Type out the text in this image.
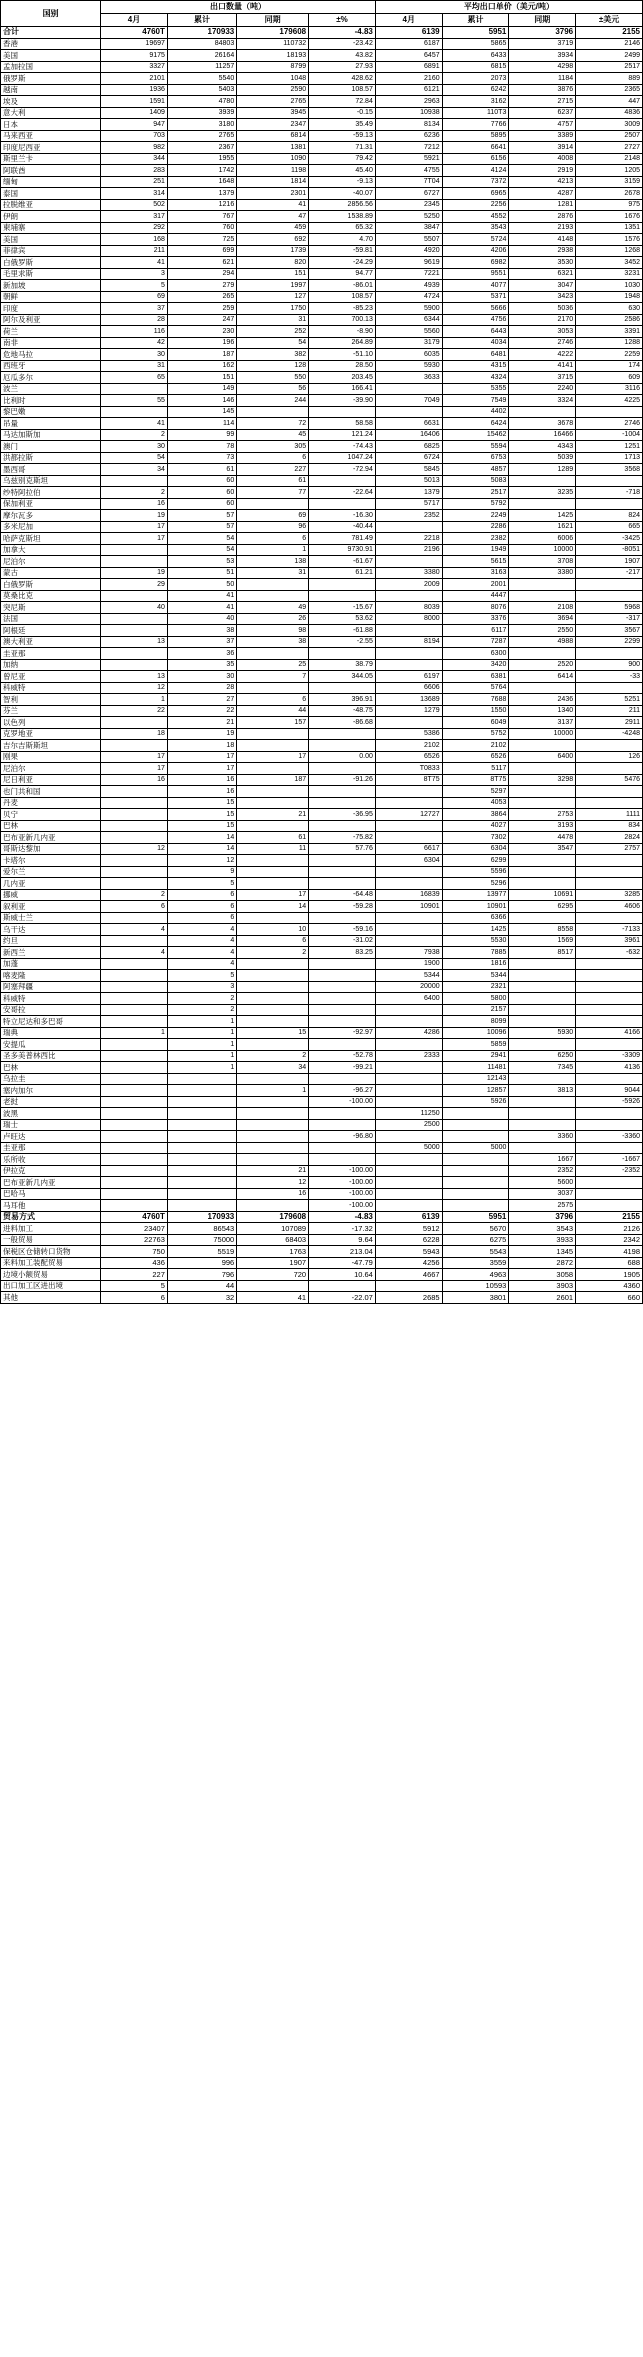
国别	出口数量（吨）				平均出口单价（美元/吨）			
	4月	累计	同期	±%	4月	累计	同期	±美元
合计	4760T	170933	179608	-4.83	6139	5951	3796	2155
香港	19697	84803	110732	-23.42	6187	5865	3719	2146
美国	9175	26164	18193	43.82	6457	6433	3934	2499
孟加拉国	3327	11257	8799	27.93	6891	6815	4298	2517
俄罗斯	2101	5540	1048	428.62	2160	2073	1184	889
越南	1936	5403	2590	108.57	6121	6242	3876	2365
埃及	1591	4780	2765	72.84	2963	3162	2715	447
意大利	1409	3939	3945	-0.15	10938	110T3	6237	4836
日本	947	3180	2347	35.49	8134	7766	4757	3009
马来西亚	703	2765	6814	-59.13	6236	5895	3389	2507
印度尼西亚	982	2367	1381	71.31	7212	6641	3914	2727
斯里兰卡	344	1955	1090	79.42	5921	6156	4008	2148
阿联酋	283	1742	1198	45.40	4755	4124	2919	1205
缅甸	251	1648	1814	-9.13	7T04	7372	4213	3159
泰国	314	1379	2301	-40.07	6727	6965	4287	2678
拉脱维亚	502	1216	41	2856.56	2345	2256	1281	975
伊朗	317	767	47	1538.89	5250	4552	2876	1676
柬埔寨	292	760	459	65.32	3847	3543	2193	1351
美国	168	725	692	4.70	5507	5724	4148	1576
菲律宾	211	699	1739	-59.81	4920	4206	2938	1268
白俄罗斯	41	621	820	-24.29	9619	6982	3530	3452
毛里求斯	3	294	151	94.77	7221	9551	6321	3231
新加坡	5	279	1997	-86.01	4939	4077	3047	1030
朝鲜	69	265	127	108.57	4724	5371	3423	1948
印度	37	259	1750	-85.23	5900	5666	5036	630
阿尔及利亚	28	247	31	700.13	6344	4756	2170	2586
荷兰	116	230	252	-8.90	5560	6443	3053	3391
南非	42	196	54	264.89	3179	4034	2746	1288
危地马拉	30	187	382	-51.10	6035	6481	4222	2259
西班牙	31	162	128	28.50	5930	4315	4141	174
厄瓜多尔	65	151	550	203.45	3633	4324	3715	609
波兰		149	56	166.41		5355	2240	3116
比利时	55	146	244	-39.90	7049	7549	3324	4225
黎巴嫩		145				4402		
吊量	41	114	72	58.58	6631	6424	3678	2746
马达加斯加	2	99	45	121.24	16406	15462	16466	-1004
澳门	30	78	305	-74.43	6825	5594	4343	1251
洪都拉斯	54	73	6	1047.24	6724	6753	5039	1713
墨西哥	34	61	227	-72.94	5845	4857	1289	3568
乌兹别克斯坦		60	61		5013	5083		
纱特阿拉伯	2	60	77	-22.64	1379	2517	3235	-718
保加利亚	16	60			5717	5792		
摩尔瓦多	19	57	69	-16.30	2352	2249	1425	824
多米尼加	17	57	96	-40.44		2286	1621	665
哈萨克斯坦	17	54	6	781.49	2218	2382	6006	-3425
加拿大		54	1	9730.91	2196	1949	10000	-8051
尼泊尔		53	138	-61.67		5615	3708	1907
蒙古	19	51	31	61.21	3380	3163	3380	-217
白俄罗斯	29	50			2009	2001		
莫桑比克		41				4447		
突尼斯	40	41	49	-15.67	8039	8076	2108	5968
法国		40	26	53.62	8000	3376	3694	-317
阿根廷		38	98	-61.88		6117	2550	3567
澳大利亚	13	37	38	-2.55	8194	7287	4988	2299
圭亚那		36				6300		
加纳		35	25	38.79		3420	2520	900
曾尼亚	13	30	7	344.05	6197	6381	6414	-33
科威特	12	28			6606	5764		
智利	1	27	6	396.91	13689	7688	2436	5251
芬兰	22	22	44	-48.75	1279	1550	1340	211
以色列		21	157	-86.68		6049	3137	2911
克罗地亚	18	19			5386	5752	10000	-4248
吉尔吉斯斯坦		18			2102	2102		
刚果	17	17	17	0.00	6526	6526	6400	126
尼泊尔	17	17			T0833	5117		
尼日利亚	16	16	187	-91.26	8T75	8T75	3298	5476
也门共和国		16				5297		
丹麦		15				4053		
贝宁		15	21	-36.95	12727	3864	2753	1111
巴林		15				4027	3193	834
巴布亚新几内亚		14	61	-75.82		7302	4478	2824
哥斯达黎加	12	14	11	57.76	6617	6304	3547	2757
卡塔尔		12			6304	6299		
爱尔兰		9				5596		
几内亚		5				5296		
挪威	2	6	17	-64.48	16839	13977	10691	3285
叙利亚	6	6	14	-59.28	10901	10901	6295	4606
斯威士兰		6				6366		
乌干达	4	4	10	-59.16		1425	8558	-7133
约旦		4	6	-31.02		5530	1569	3961
新西兰	4	4	2	83.25	7938	7885	8517	-632
加蓬		4			1900	1816		
喀麦隆		5			5344	5344		
阿塞拜疆		3			20000	2321		
科威特		2			6400	5800		
安哥拉		2				2157		
特立尼达和多巴哥		1				8099		
瑞典	1	1	15	-92.97	4286	10096	5930	4166
安提瓜		1				5859		
圣多美普林西比		1	2	-52.78	2333	2941	6250	-3309
巴林		1	34	-99.21		11481	7345	4136
乌拉圭						12143		
塞内加尔			1	-96.27		12857	3813	9044
老挝				-100.00		5926		-5926
波黑					11250			
瑞士					2500			
卢旺达				-96.80			3360	-3360
圭亚那					5000	5000		
乐所收							1667	-1667
伊拉克			21	-100.00			2352	-2352
巴布亚新几内亚			12	-100.00			5600	
巴哈马			16	-100.00			3037	
马耳他				-100.00			2575	
贸易方式	4760T	170933	179608	-4.83	6139	5951	3796	2155
进料加工	23407	86543	107089	-17.32	5912	5670	3543	2126
一般贸易	22763	75000	68403	9.64	6228	6275	3933	2342
保税区仓储转口货物	750	5519	1763	213.04	5943	5543	1345	4198
来料加工装配贸易	436	996	1907	-47.79	4256	3559	2872	688
边境小额贸易	227	796	720	10.64	4667	4963	3058	1905
出口加工区进出境	5	44				10593	3903	4360
其他	6	32	41	-22.07	2685	3801	2601	660
